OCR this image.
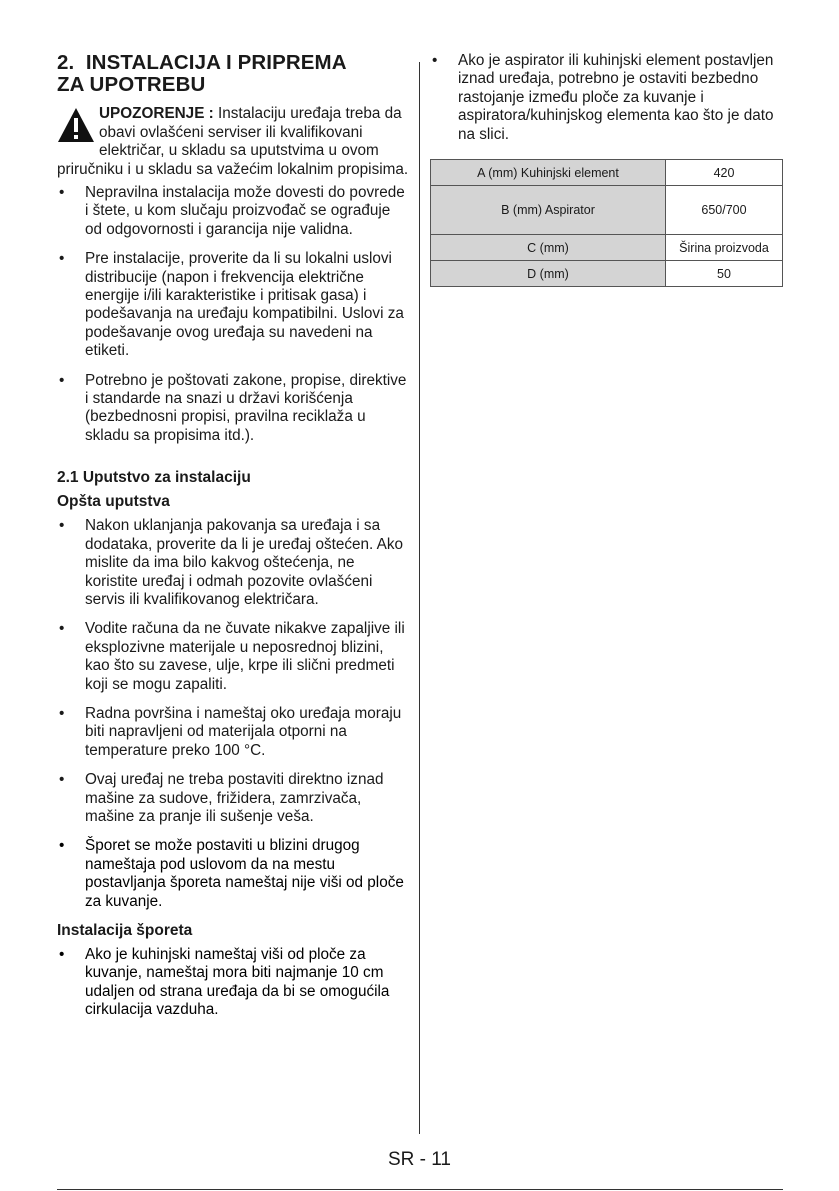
2. INSTALACIJA I PRIPREMA
ZA UPOTREBU
UPOZORENJE : Instalaciju uređaja treba da obavi ovlašćeni serviser ili kvalifikovani električar, u skladu sa uputstvima u ovom priručniku i u skladu sa važećim lokalnim propisima.
• Nepravilna instalacija može dovesti do povrede i štete, u kom slučaju proizvođač se ograđuje od odgovornosti i garancija nije validna.
• Pre instalacije, proverite da li su lokalni uslovi distribucije (napon i frekvencija električne energije i/ili karakteristike i pritisak gasa) i podešavanja na uređaju kompatibilni. Uslovi za podešavanje ovog uređaja su navedeni na etiketi.
• Potrebno je poštovati zakone, propise, direktive i standarde na snazi u državi korišćenja (bezbednosni propisi, pravilna reciklaža u skladu sa propisima itd.).
2.1 Uputstvo za instalaciju
Opšta uputstva
• Nakon uklanjanja pakovanja sa uređaja i sa dodataka, proverite da li je uređaj oštećen. Ako mislite da ima bilo kakvog oštećenja, ne koristite uređaj i odmah pozovite ovlašćeni servis ili kvalifikovanog električara.
• Vodite računa da ne čuvate nikakve zapaljive ili eksplozivne materijale u neposrednoj blizini, kao što su zavese, ulje, krpe ili slični predmeti koji se mogu zapaliti.
• Radna površina i nameštaj oko uređaja moraju biti napravljeni od materijala otporni na temperature preko 100 °C.
• Ovaj uređaj ne treba postaviti direktno iznad mašine za sudove, frižidera, zamrzivača, mašine za pranje ili sušenje veša.
• Šporet se može postaviti u blizini drugog nameštaja pod uslovom da na mestu postavljanja šporeta nameštaj nije viši od ploče za kuvanje.
Instalacija šporeta
• Ako je kuhinjski nameštaj viši od ploče za kuvanje, nameštaj mora biti najmanje 10 cm udaljen od strana uređaja da bi se omogućila cirkulacija vazduha.
• Ako je aspirator ili kuhinjski element postavljen iznad uređaja, potrebno je ostaviti bezbedno rastojanje između ploče za kuvanje i aspiratora/kuhinjskog elementa kao što je dato na slici.
A (mm) Kuhinjski element	420
B (mm) Aspirator	650/700
C (mm)	Širina proizvoda
D (mm)	50
SR - 11
